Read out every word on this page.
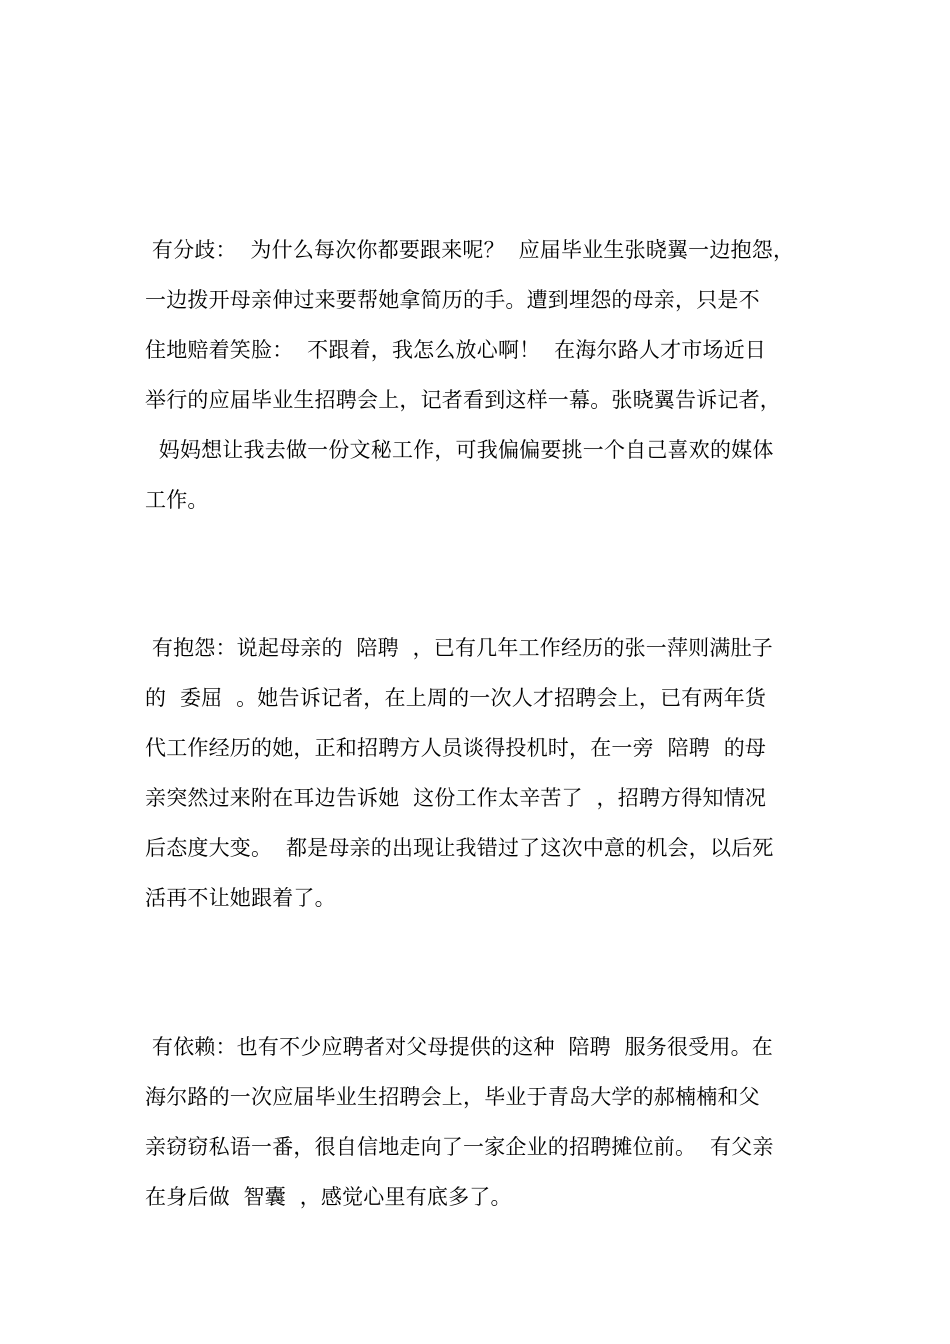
有分歧：  为什么每次你都要跟来呢？  应届毕业生张晓翼一边抱怨，
一边拨开母亲伸过来要帮她拿简历的手。遭到埋怨的母亲，只是不
住地赔着笑脸：  不跟着，我怎么放心啊！  在海尔路人才市场近日
举行的应届毕业生招聘会上，记者看到这样一幕。张晓翼告诉记者，
妈妈想让我去做一份文秘工作，可我偏偏要挑一个自己喜欢的媒体
工作。
有抱怨：说起母亲的  陪聘  ，已有几年工作经历的张一萍则满肚子
的  委屈  。她告诉记者，在上周的一次人才招聘会上，已有两年货
代工作经历的她，正和招聘方人员谈得投机时，在一旁  陪聘  的母
亲突然过来附在耳边告诉她  这份工作太辛苦了  ，招聘方得知情况
后态度大变。  都是母亲的出现让我错过了这次中意的机会，以后死
活再不让她跟着了。
有依赖：也有不少应聘者对父母提供的这种  陪聘  服务很受用。在
海尔路的一次应届毕业生招聘会上，毕业于青岛大学的郝楠楠和父
亲窃窃私语一番，很自信地走向了一家企业的招聘摊位前。  有父亲
在身后做  智囊  ，感觉心里有底多了。
